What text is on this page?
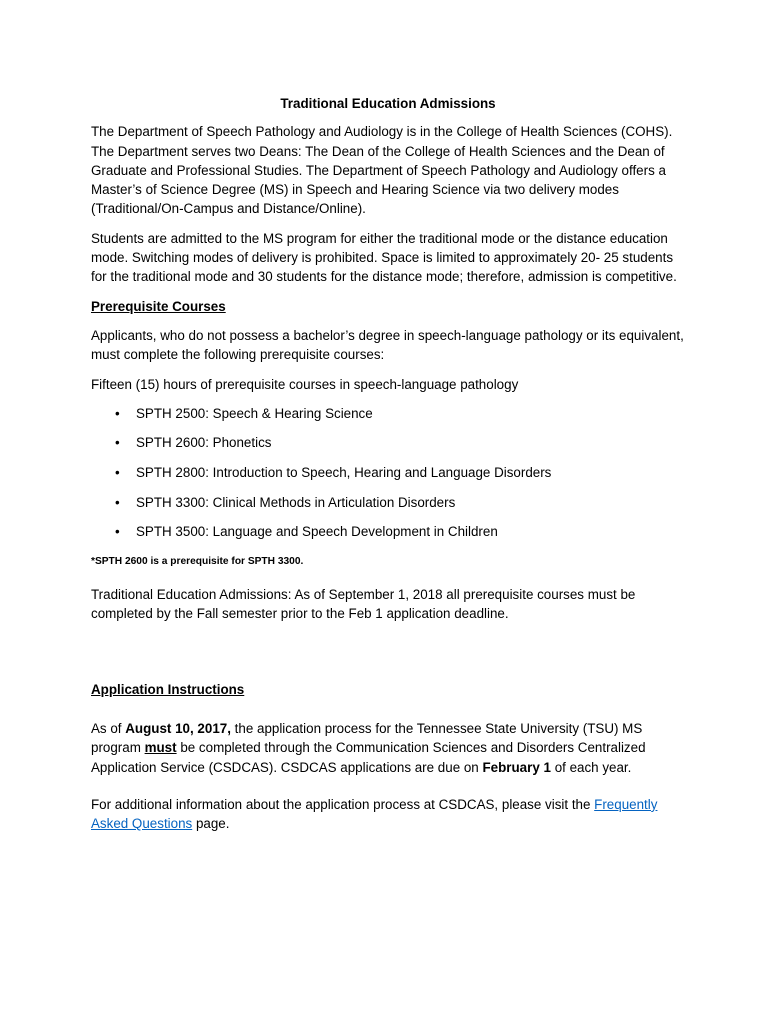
Traditional Education Admissions

The Department of Speech Pathology and Audiology is in the College of Health Sciences (COHS). The Department serves two Deans: The Dean of the College of Health Sciences and the Dean of Graduate and Professional Studies. The Department of Speech Pathology and Audiology offers a Master’s of Science Degree (MS) in Speech and Hearing Science via two delivery modes (Traditional/On-Campus and Distance/Online).

Students are admitted to the MS program for either the traditional mode or the distance education mode. Switching modes of delivery is prohibited. Space is limited to approximately 20- 25 students for the traditional mode and 30 students for the distance mode; therefore, admission is competitive.

Prerequisite Courses

Applicants, who do not possess a bachelor’s degree in speech-language pathology or its equivalent, must complete the following prerequisite courses:

Fifteen (15) hours of prerequisite courses in speech-language pathology

• SPTH 2500: Speech & Hearing Science
• SPTH 2600: Phonetics
• SPTH 2800: Introduction to Speech, Hearing and Language Disorders
• SPTH 3300: Clinical Methods in Articulation Disorders
• SPTH 3500: Language and Speech Development in Children
*SPTH 2600 is a prerequisite for SPTH 3300.

Traditional Education Admissions: As of September 1, 2018 all prerequisite courses must be completed by the Fall semester prior to the Feb 1 application deadline.

Application Instructions

As of August 10, 2017, the application process for the Tennessee State University (TSU) MS program must be completed through the Communication Sciences and Disorders Centralized Application Service (CSDCAS). CSDCAS applications are due on February 1 of each year.

For additional information about the application process at CSDCAS, please visit the Frequently Asked Questions page.
